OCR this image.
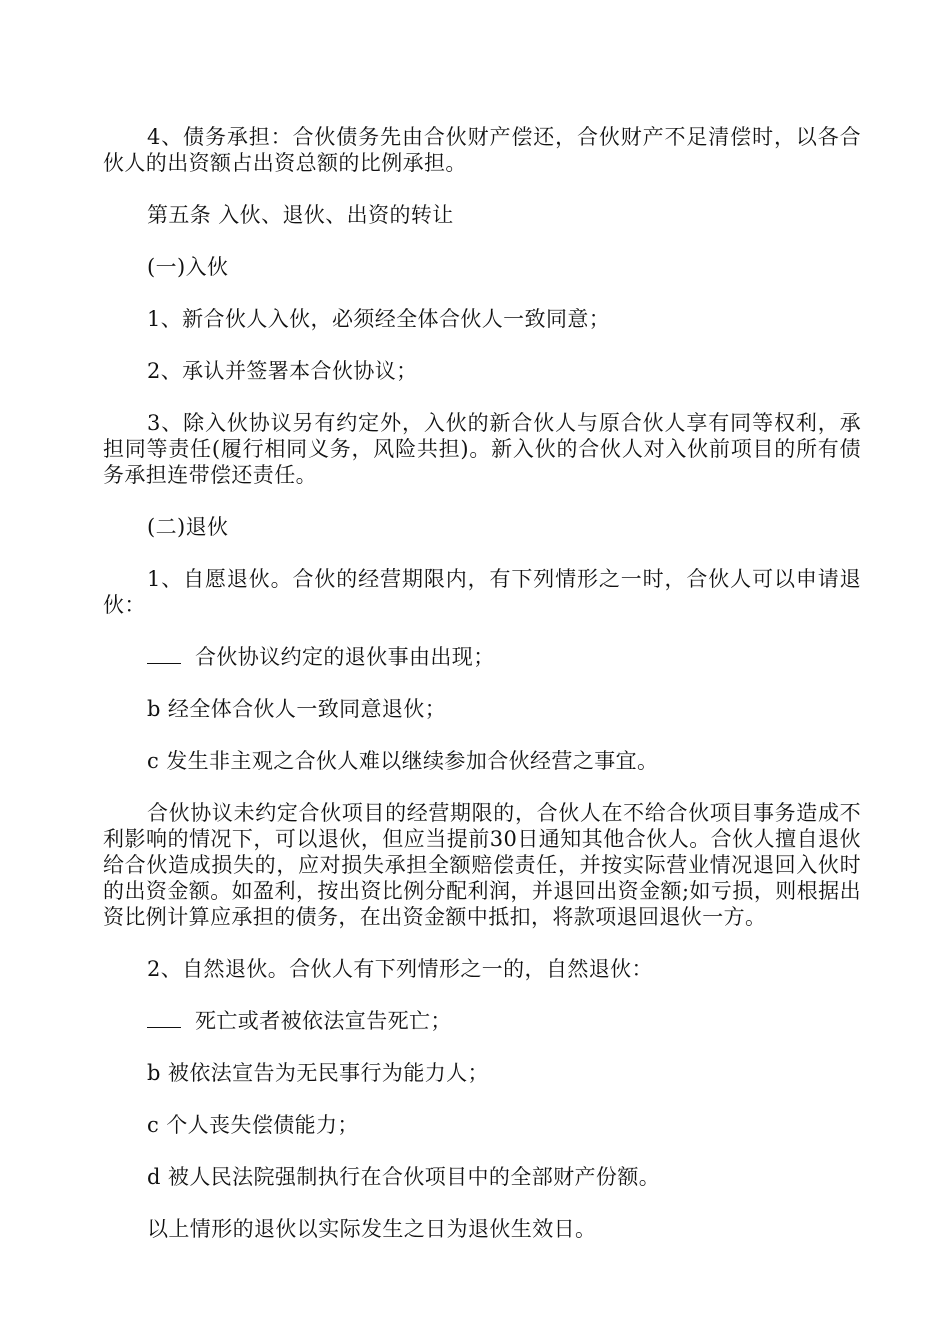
4、债务承担：合伙债务先由合伙财产偿还，合伙财产不足清偿时，以各合伙人的出资额占出资总额的比例承担。

第五条 入伙、退伙、出资的转让

(一)入伙

1、新合伙人入伙，必须经全体合伙人一致同意；

2、承认并签署本合伙协议；

3、除入伙协议另有约定外，入伙的新合伙人与原合伙人享有同等权利，承担同等责任(履行相同义务，风险共担)。新入伙的合伙人对入伙前项目的所有债务承担连带偿还责任。

(二)退伙

1、自愿退伙。合伙的经营期限内，有下列情形之一时，合伙人可以申请退伙：

合伙协议约定的退伙事由出现；

b 经全体合伙人一致同意退伙；

c 发生非主观之合伙人难以继续参加合伙经营之事宜。

合伙协议未约定合伙项目的经营期限的，合伙人在不给合伙项目事务造成不利影响的情况下，可以退伙，但应当提前30日通知其他合伙人。合伙人擅自退伙给合伙造成损失的，应对损失承担全额赔偿责任，并按实际营业情况退回入伙时的出资金额。如盈利，按出资比例分配利润，并退回出资金额;如亏损，则根据出资比例计算应承担的债务，在出资金额中抵扣，将款项退回退伙一方。

2、自然退伙。合伙人有下列情形之一的，自然退伙：

死亡或者被依法宣告死亡；

b 被依法宣告为无民事行为能力人；

c 个人丧失偿债能力；

d 被人民法院强制执行在合伙项目中的全部财产份额。

以上情形的退伙以实际发生之日为退伙生效日。
